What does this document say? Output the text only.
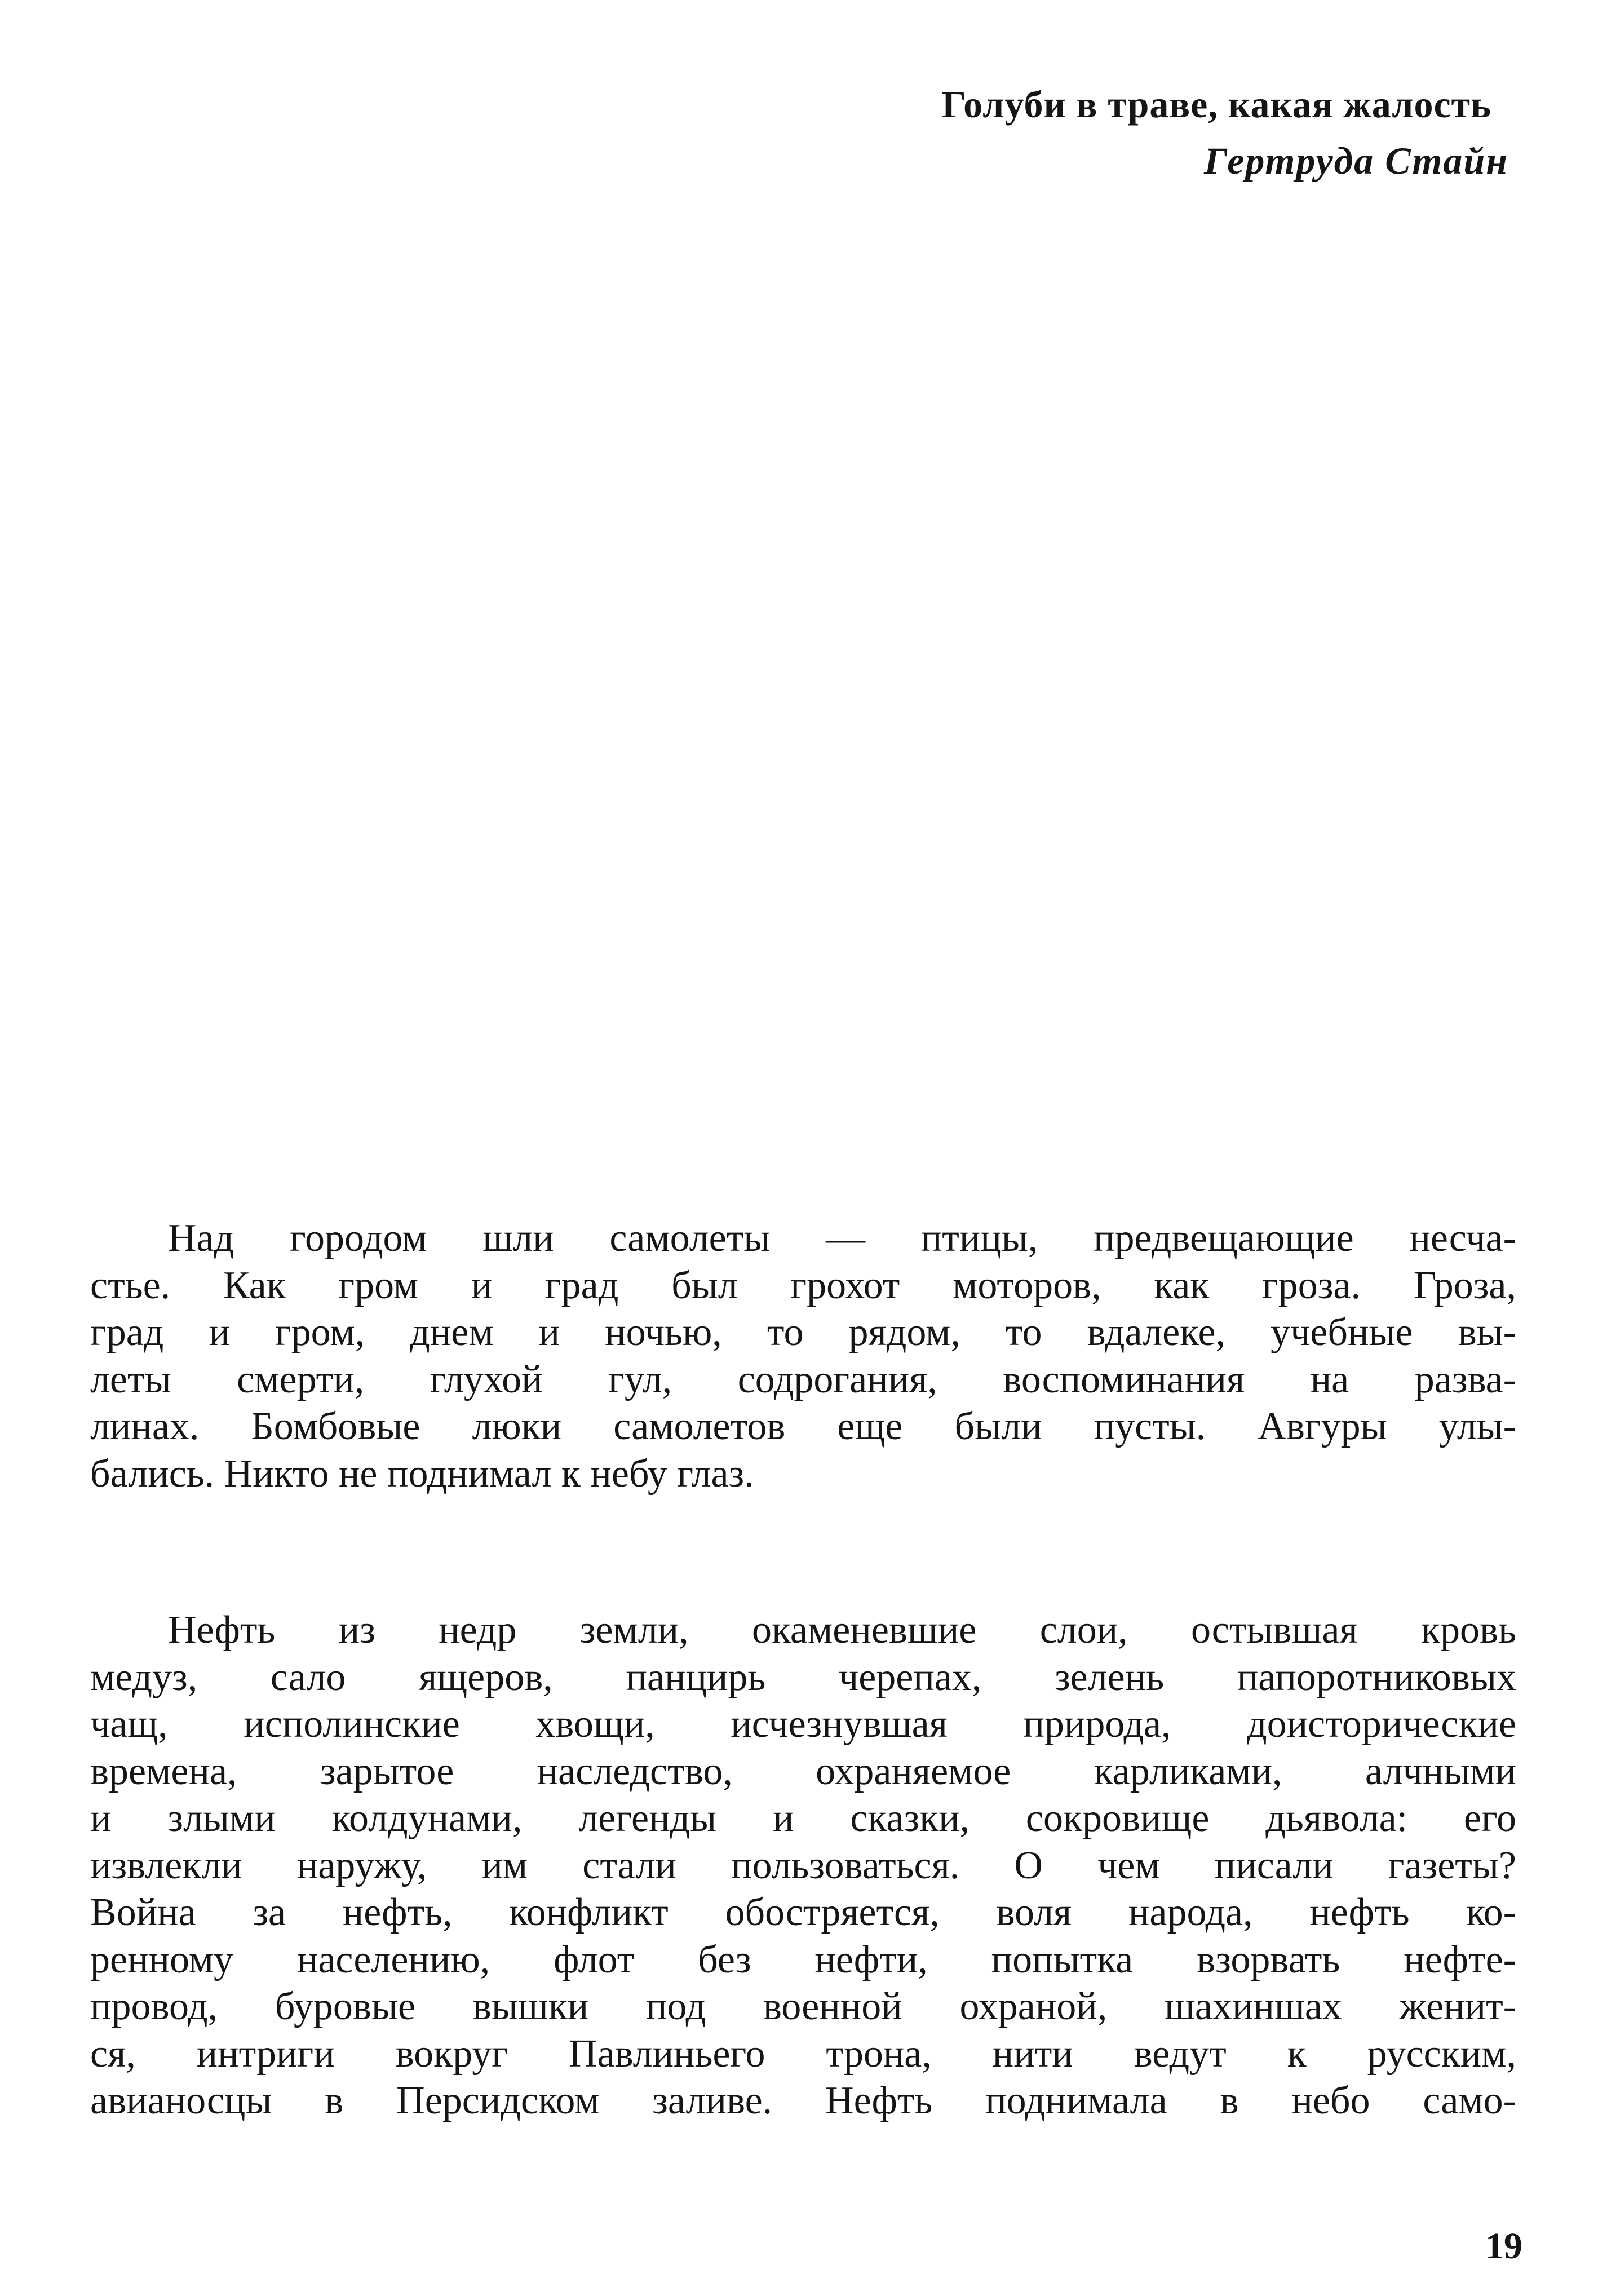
Голуби в траве, какая жалость
Гертруда Стайн
Над городом шли самолеты — птицы, предвещающие несча-
стье. Как гром и град был грохот моторов, как гроза. Гроза,
град и гром, днем и ночью, то рядом, то вдалеке, учебные вы-
леты смерти, глухой гул, содрогания, воспоминания на разва-
линах. Бомбовые люки самолетов еще были пусты. Авгуры улы-
бались. Никто не поднимал к небу глаз.
Нефть из недр земли, окаменевшие слои, остывшая кровь
медуз, сало ящеров, панцирь черепах, зелень папоротниковых
чащ, исполинские хвощи, исчезнувшая природа, доисторические
времена, зарытое наследство, охраняемое карликами, алчными
и злыми колдунами, легенды и сказки, сокровище дьявола: его
извлекли наружу, им стали пользоваться. О чем писали газеты?
Война за нефть, конфликт обостряется, воля народа, нефть ко-
ренному населению, флот без нефти, попытка взорвать нефте-
провод, буровые вышки под военной охраной, шахиншах женит-
ся, интриги вокруг Павлиньего трона, нити ведут к русским,
авианосцы в Персидском заливе. Нефть поднимала в небо само-
19
